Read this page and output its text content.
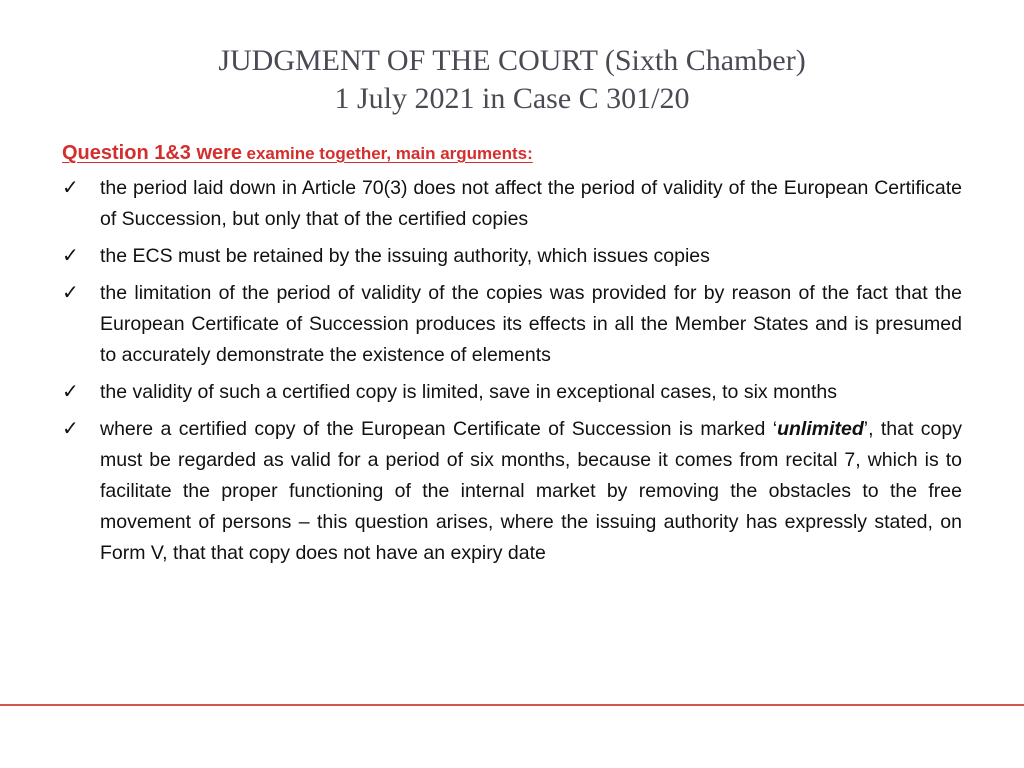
JUDGMENT OF THE COURT (Sixth Chamber)
1 July 2021 in Case C 301/20
Question 1&3 were examine together, main arguments:
✓ the period laid down in Article 70(3) does not affect the period of validity of the European Certificate of Succession, but only that of the certified copies
✓ the ECS must be retained by the issuing authority, which issues copies
✓ the limitation of the period of validity of the copies was provided for by reason of the fact that the European Certificate of Succession produces its effects in all the Member States and is presumed to accurately demonstrate the existence of elements
✓ the validity of such a certified copy is limited, save in exceptional cases, to six months
✓ where a certified copy of the European Certificate of Succession is marked ‘unlimited’, that copy must be regarded as valid for a period of six months, because it comes from recital 7, which is to facilitate the proper functioning of the internal market by removing the obstacles to the free movement of persons – this question arises, where the issuing authority has expressly stated, on Form V, that that copy does not have an expiry date
